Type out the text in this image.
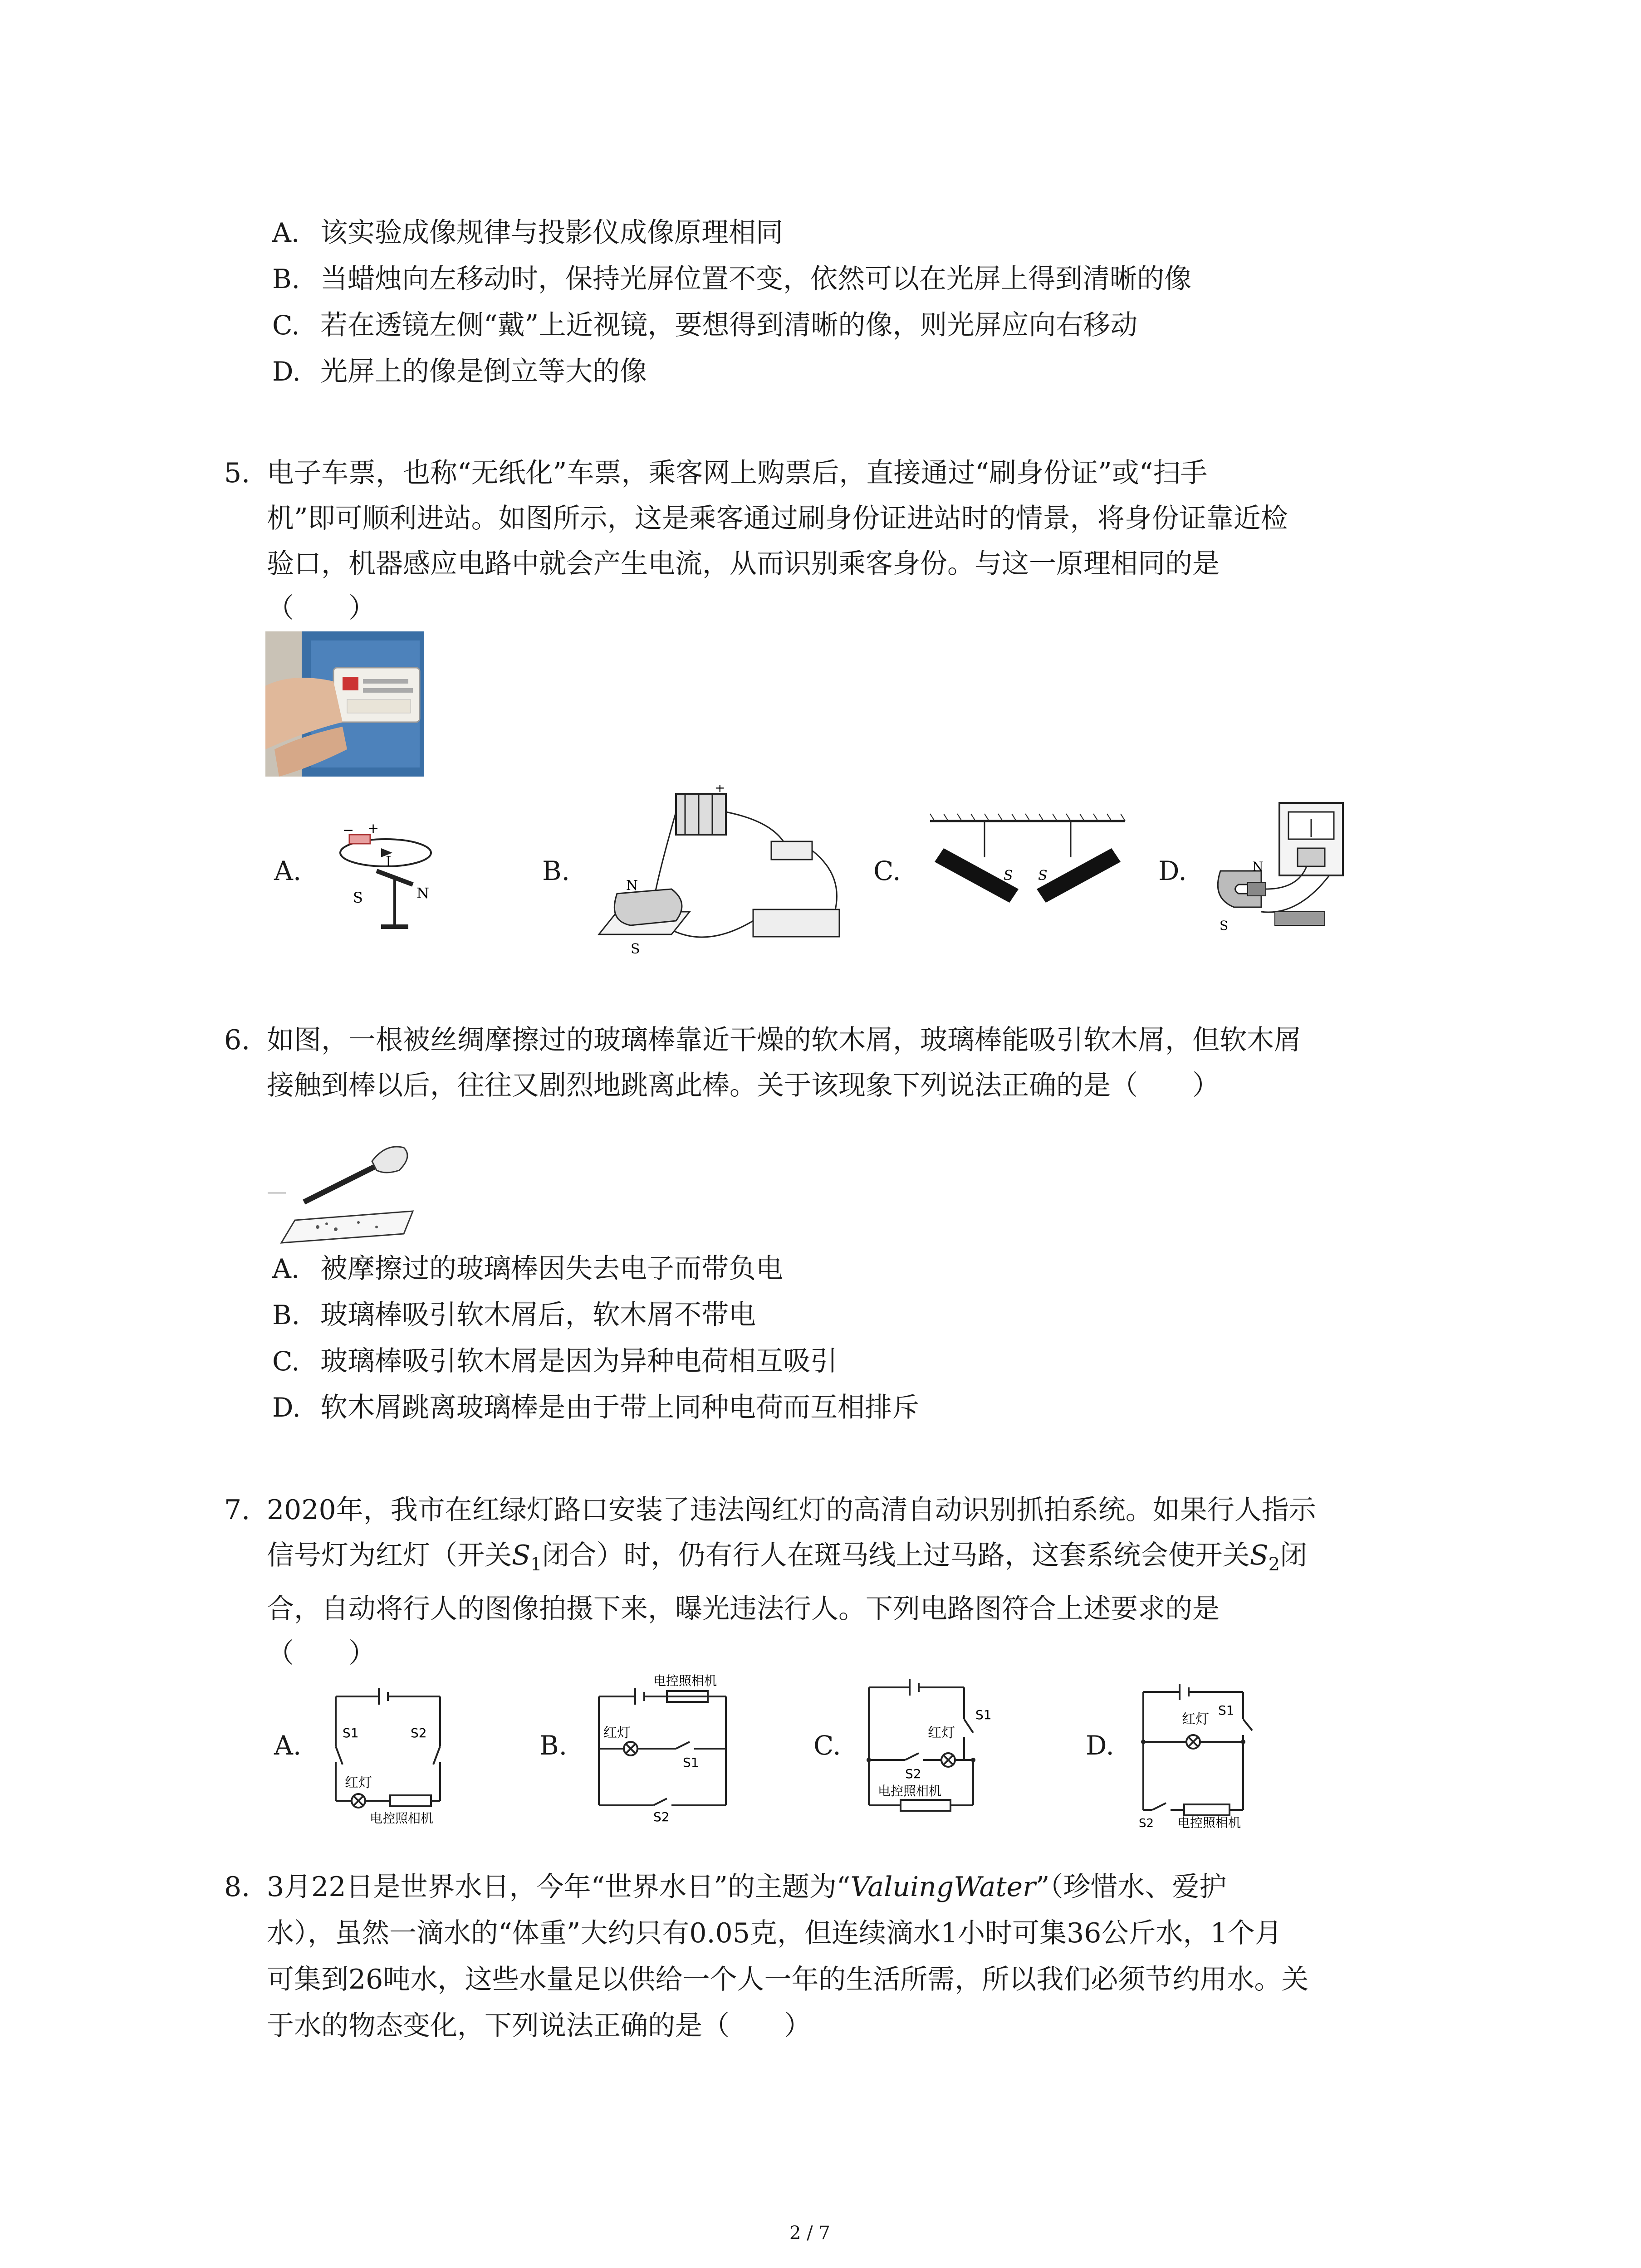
A. 该实验成像规律与投影仪成像原理相同
B. 当蜡烛向左移动时，保持光屏位置不变，依然可以在光屏上得到清晰的像
C. 若在透镜左侧“戴”上近视镜，要想得到清晰的像，则光屏应向右移动
D. 光屏上的像是倒立等大的像
5. 电子车票，也称“无纸化”车票，乘客网上购票后，直接通过“刷身份证”或“扫手
机”即可顺利进站。如图所示，这是乘客通过刷身份证进站时的情景，将身份证靠近检
验口，机器感应电路中就会产生电流，从而识别乘客身份。与这一原理相同的是
（　　）
A.
− +
I
S	N
B.
+
N
S
C.	S S	D.	N
S
6. 如图，一根被丝绸摩擦过的玻璃棒靠近干燥的软木屑，玻璃棒能吸引软木屑，但软木屑
接触到棒以后，往往又剧烈地跳离此棒。关于该现象下列说法正确的是（　　）
A. 被摩擦过的玻璃棒因失去电子而带负电
B. 玻璃棒吸引软木屑后，软木屑不带电
C. 玻璃棒吸引软木屑是因为异种电荷相互吸引
D. 软木屑跳离玻璃棒是由于带上同种电荷而互相排斥
7. 2020年，我市在红绿灯路口安装了违法闯红灯的高清自动识别抓拍系统。如果行人指示
信号灯为红灯（开关$S_1$闭合）时，仍有行人在斑马线上过马路，这套系统会使开关$S_2$闭
合，自动将行人的图像拍摄下来，曝光违法行人。下列电路图符合上述要求的是
（　　）
A.	S1	S2
红灯
电控照相机
B.
电控照相机
红灯
S1
S2
C.
S1
红灯
S2
电控照相机
D.
S1
红灯
S2 电控照相机
8. 3月22日是世界水日，今年“世界水日”的主题为“ValuingWater”（珍惜水、爱护
水），虽然一滴水的“体重”大约只有0.05克，但连续滴水1小时可集36公斤水，1个月
可集到26吨水，这些水量足以供给一个人一年的生活所需，所以我们必须节约用水。关
于水的物态变化，下列说法正确的是（　　）
2 / 7
